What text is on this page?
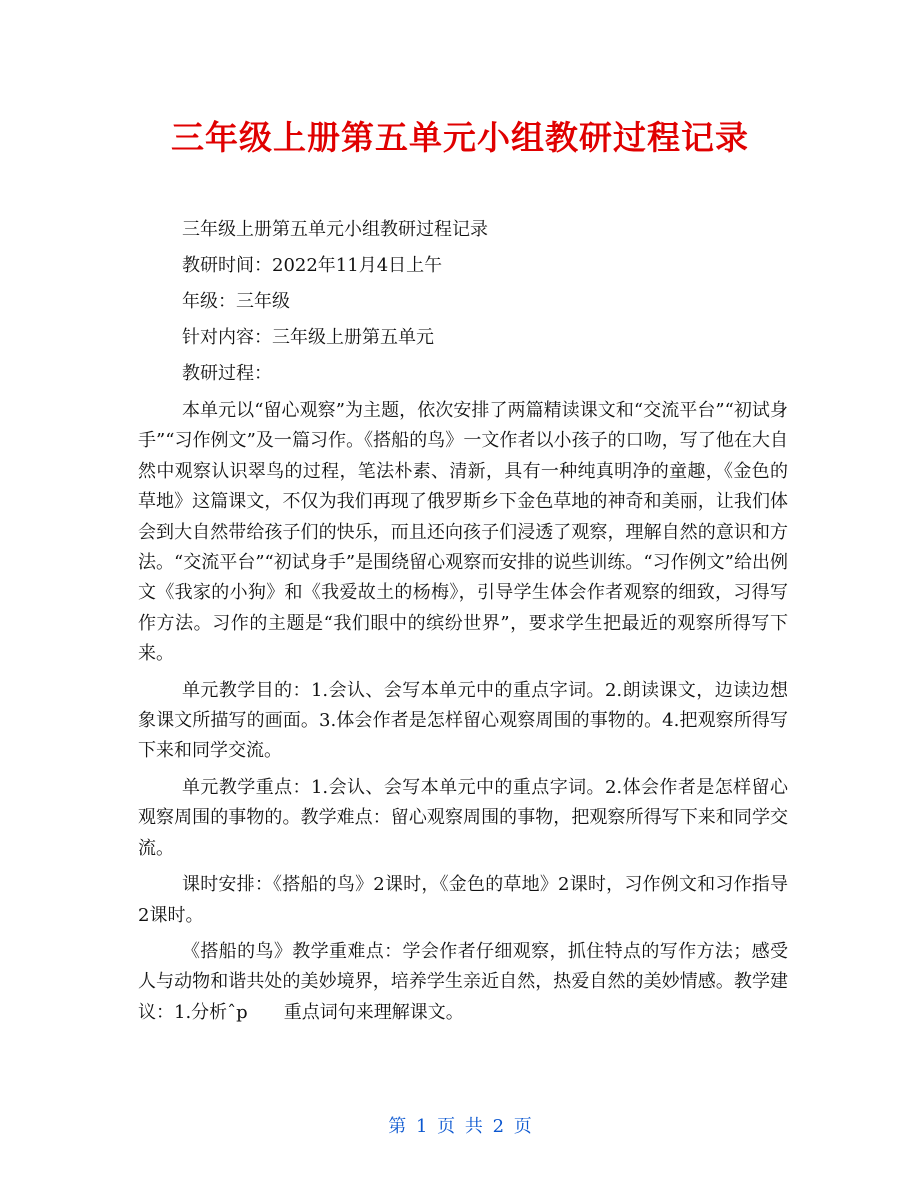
三年级上册第五单元小组教研过程记录

三年级上册第五单元小组教研过程记录

教研时间：2022年11月4日上午

年级：三年级

针对内容：三年级上册第五单元

教研过程：

本单元以“留心观察”为主题，依次安排了两篇精读课文和“交流平台”“初试身手”“习作例文”及一篇习作。《搭船的鸟》一文作者以小孩子的口吻，写了他在大自然中观察认识翠鸟的过程，笔法朴素、清新，具有一种纯真明净的童趣，《金色的草地》这篇课文，不仅为我们再现了俄罗斯乡下金色草地的神奇和美丽，让我们体会到大自然带给孩子们的快乐，而且还向孩子们浸透了观察，理解自然的意识和方法。“交流平台”“初试身手”是围绕留心观察而安排的说些训练。“习作例文”给出例文《我家的小狗》和《我爱故土的杨梅》，引导学生体会作者观察的细致，习得写作方法。习作的主题是“我们眼中的缤纷世界”，要求学生把最近的观察所得写下来。

单元教学目的：1.会认、会写本单元中的重点字词。2.朗读课文，边读边想象课文所描写的画面。3.体会作者是怎样留心观察周围的事物的。4.把观察所得写下来和同学交流。

单元教学重点：1.会认、会写本单元中的重点字词。2.体会作者是怎样留心观察周围的事物的。教学难点：留心观察周围的事物，把观察所得写下来和同学交流。

课时安排：《搭船的鸟》2课时，《金色的草地》2课时，习作例文和习作指导2课时。

《搭船的鸟》教学重难点：学会作者仔细观察，抓住特点的写作方法；感受人与动物和谐共处的美妙境界，培养学生亲近自然，热爱自然的美妙情感。教学建议：1.分析ˆp　　重点词句来理解课文。

第 1 页 共 2 页
